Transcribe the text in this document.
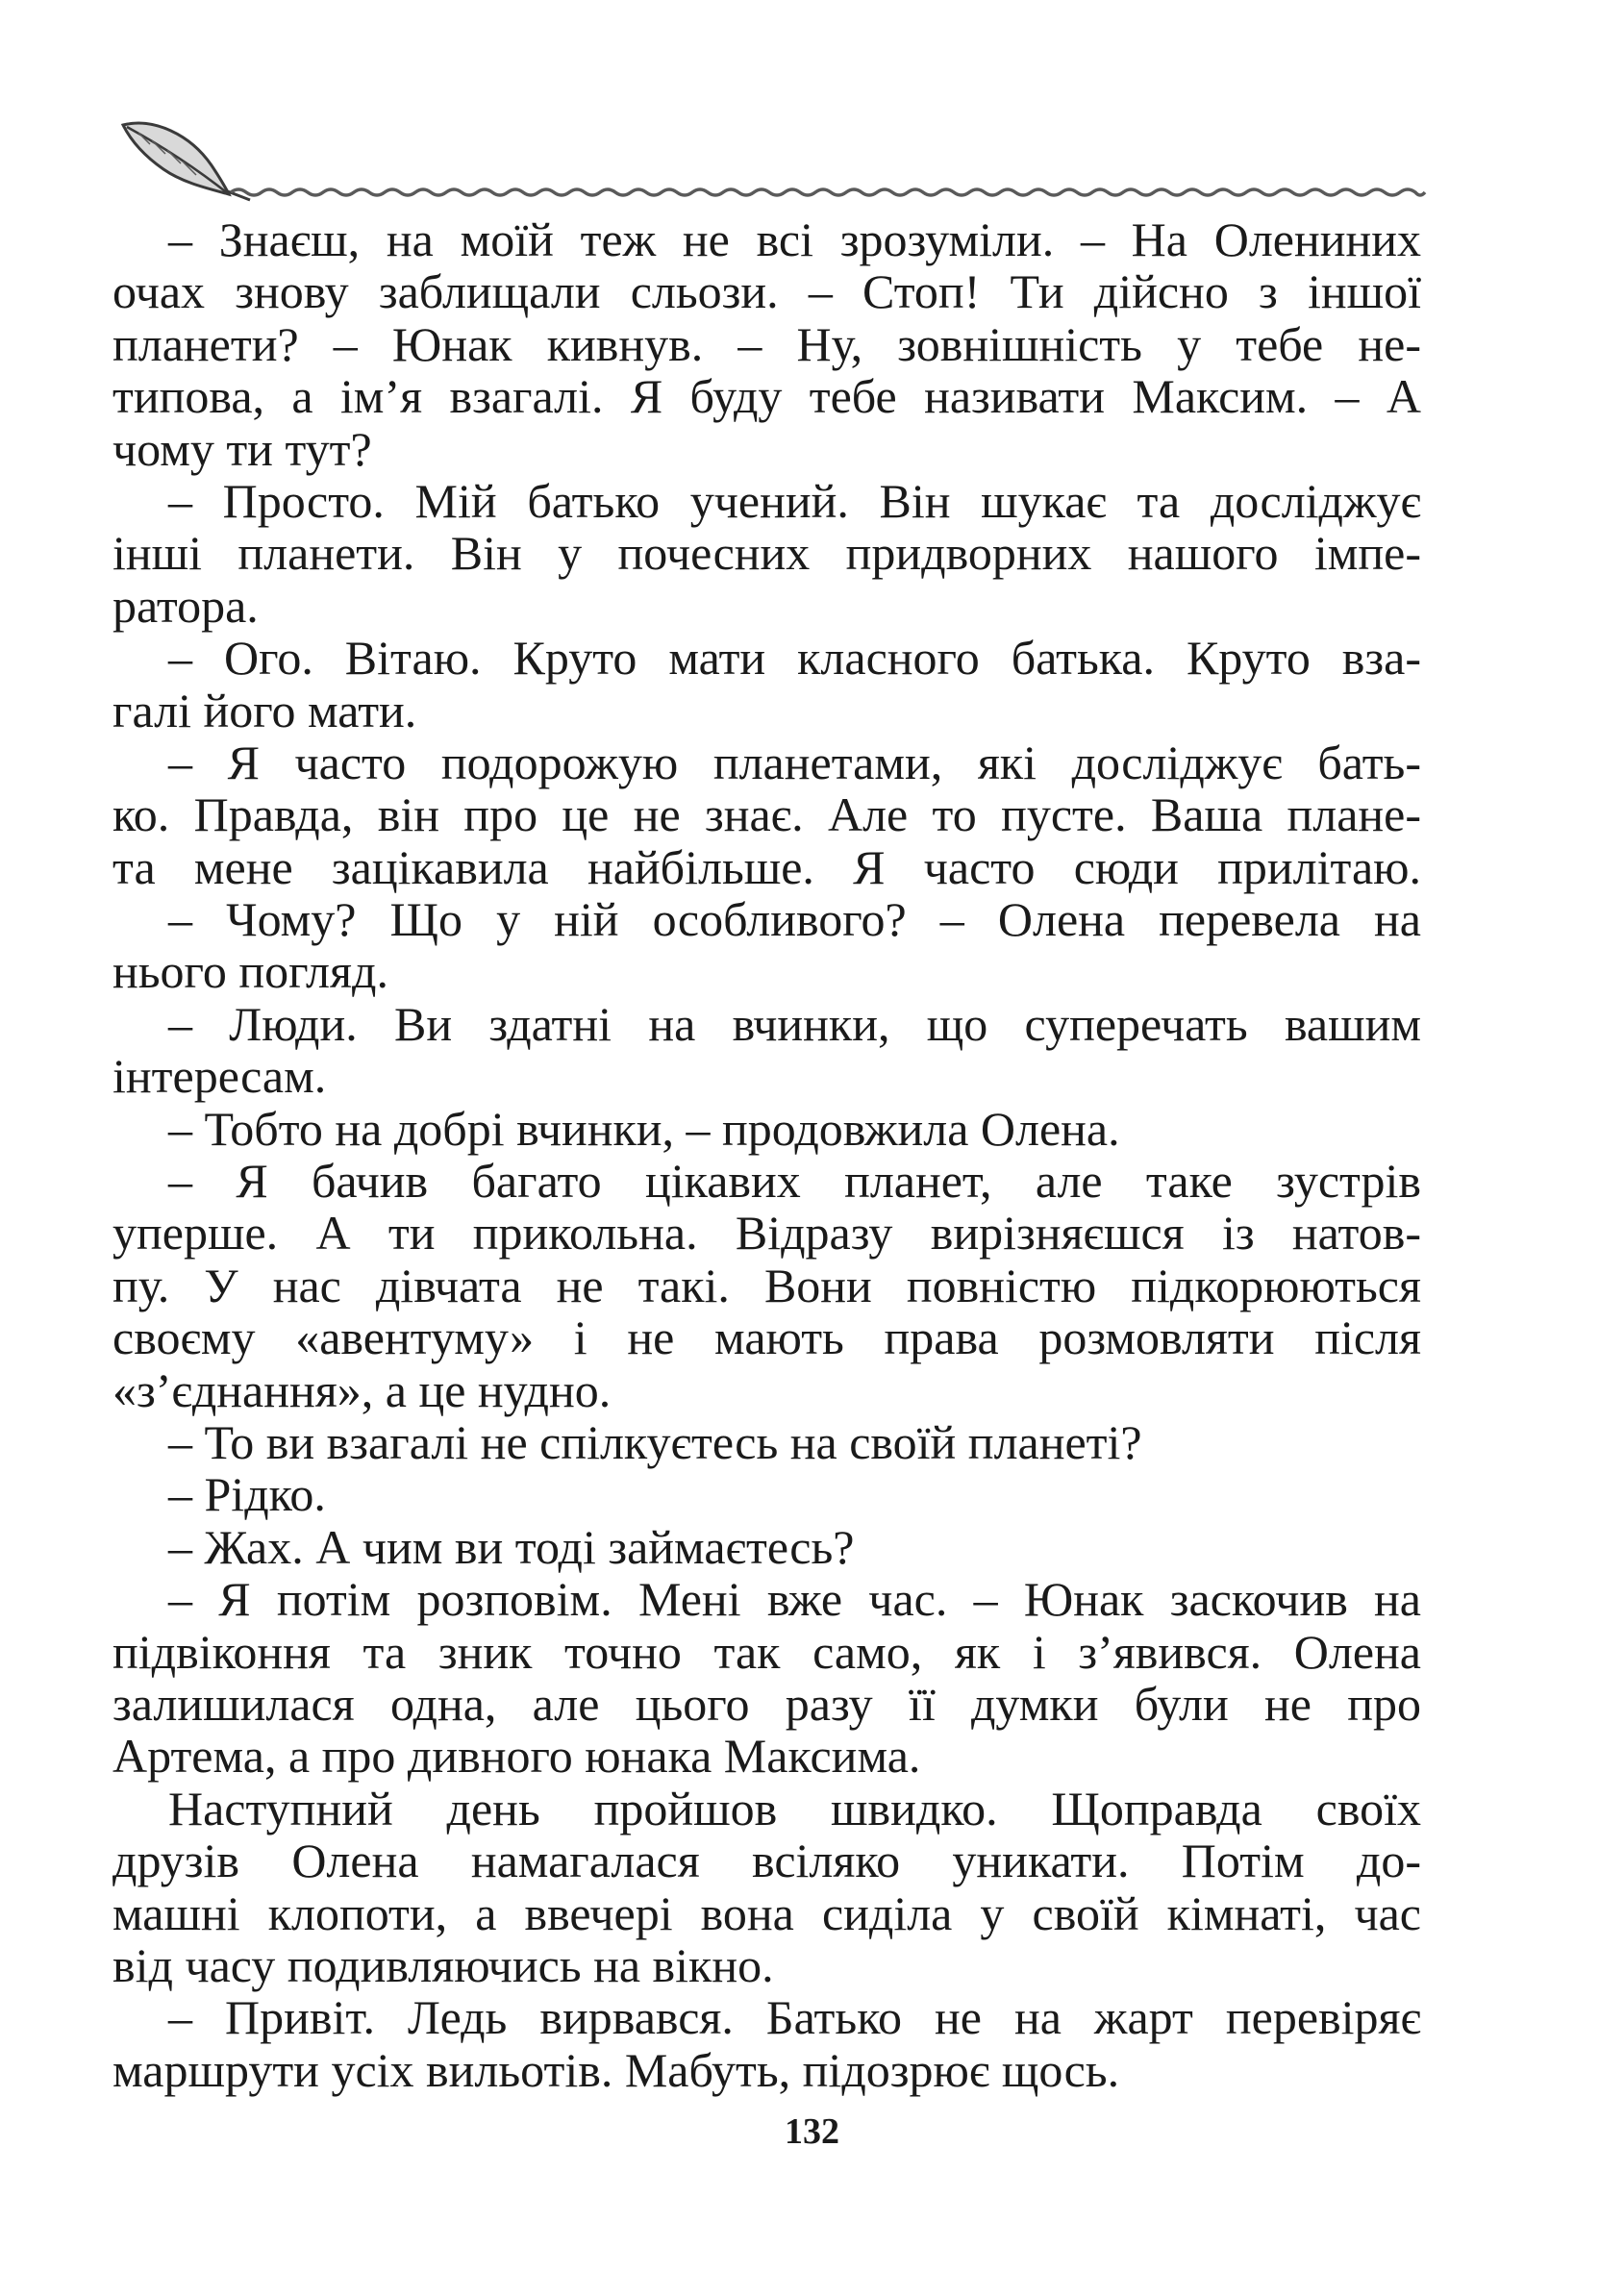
– Знаєш, на моїй теж не всі зрозуміли. – На Олениних
очах знову заблищали сльози. – Стоп! Ти дійсно з іншої
планети? – Юнак кивнув. – Ну, зовнішність у тебе не-
типова, а ім’я взагалі. Я буду тебе називати Максим. – А
чому ти тут?
– Просто. Мій батько учений. Він шукає та досліджує
інші планети. Він у почесних придворних нашого імпе-
ратора.
– Ого. Вітаю. Круто мати класного батька. Круто вза-
галі його мати.
– Я часто подорожую планетами, які досліджує бать-
ко. Правда, він про це не знає. Але то пусте. Ваша плане-
та мене зацікавила найбільше. Я часто сюди прилітаю.
– Чому? Що у ній особливого? – Олена перевела на
нього погляд.
– Люди. Ви здатні на вчинки, що суперечать вашим
інтересам.
– Тобто на добрі вчинки, – продовжила Олена.
– Я бачив багато цікавих планет, але таке зустрів
уперше. А ти прикольна. Відразу вирізняєшся із натов-
пу. У нас дівчата не такі. Вони повністю підкорюються
своєму «авентуму» і не мають права розмовляти після
«з’єднання», а це нудно.
– То ви взагалі не спілкуєтесь на своїй планеті?
– Рідко.
– Жах. А чим ви тоді займаєтесь?
– Я потім розповім. Мені вже час. – Юнак заскочив на
підвіконня та зник точно так само, як і з’явився. Олена
залишилася одна, але цього разу її думки були не про
Артема, а про дивного юнака Максима.
Наступний день пройшов швидко. Щоправда своїх
друзів Олена намагалася всіляко уникати. Потім до-
машні клопоти, а ввечері вона сиділа у своїй кімнаті, час
від часу подивляючись на вікно.
– Привіт. Ледь вирвався. Батько не на жарт перевіряє
маршрути усіх вильотів. Мабуть, підозрює щось.
132
